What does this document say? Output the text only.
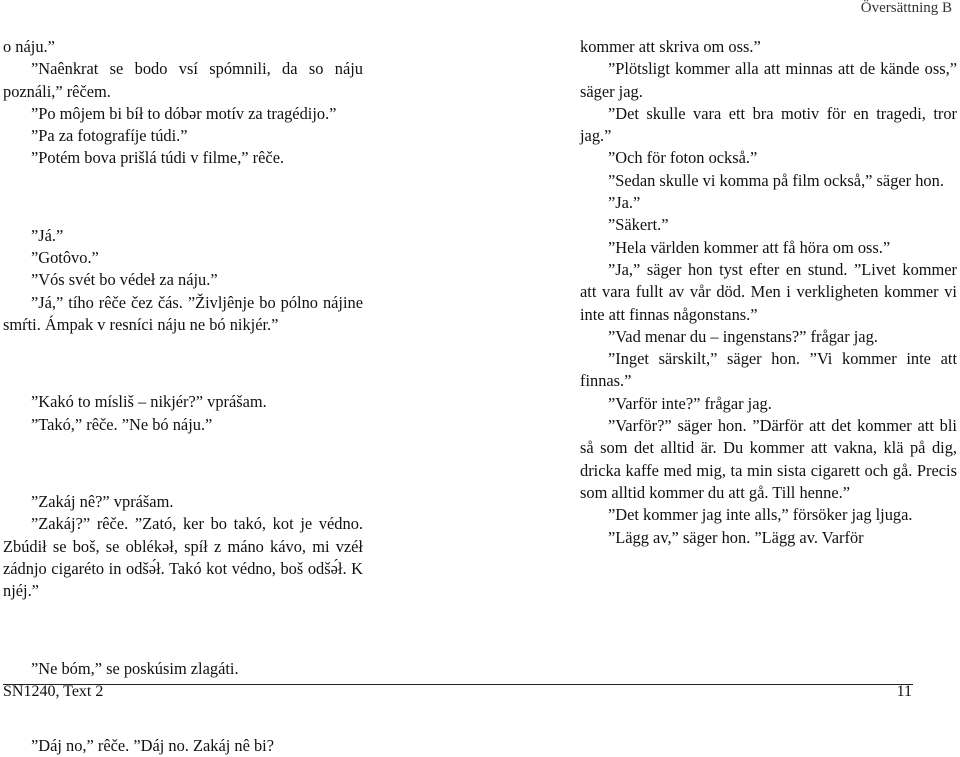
Översättning B

o náju.”

”Naênkrat se bodo vsí spómnili, da so náju poználi,” rêčem.

”Po môjem bi bíł to dóbər motív za tragédijo.”

”Pa za fotografíje túdi.”

”Potém bova prišlá túdi v filme,” rêče.

”Já.”

”Gotôvo.”

”Vós svét bo védeł za náju.”

”Já,” tího rêče čez čás. ”Življênje bo pólno nájine smŕti. Ámpak v resníci náju ne bó nikjér.”

”Kakó to mísliš – nikjér?” vprášam.

”Takó,” rêče. ”Ne bó náju.”

”Zakáj nê?” vprášam.

”Zakáj?” rêče. ”Zató, ker bo takó, kot je védno. Zbúdił se boš, se oblékəł, spíł z máno kávo, mi vzéł zádnjo cigaréto in odšə́ł. Takó kot védno, boš odšə́ł. K njéj.”

”Ne bóm,” se poskúsim zlagáti.

”Dáj no,” rêče. ”Dáj no. Zakáj nê bi?

kommer att skriva om oss.”

”Plötsligt kommer alla att minnas att de kände oss,” säger jag.

”Det skulle vara ett bra motiv för en tragedi, tror jag.”

”Och för foton också.”

”Sedan skulle vi komma på film också,” säger hon.

”Ja.”

”Säkert.”

”Hela världen kommer att få höra om oss.”

”Ja,” säger hon tyst efter en stund. ”Livet kommer att vara fullt av vår död. Men i verkligheten kommer vi inte att finnas någonstans.”

”Vad menar du – ingenstans?” frågar jag.

”Inget särskilt,” säger hon. ”Vi kommer inte att finnas.”

”Varför inte?” frågar jag.

”Varför?” säger hon. ”Därför att det kommer att bli så som det alltid är. Du kommer att vakna, klä på dig, dricka kaffe med mig, ta min sista cigarett och gå. Precis som alltid kommer du att gå. Till henne.”

”Det kommer jag inte alls,” försöker jag ljuga.

”Lägg av,” säger hon. ”Lägg av. Varför

SN1240, Text 2	11
